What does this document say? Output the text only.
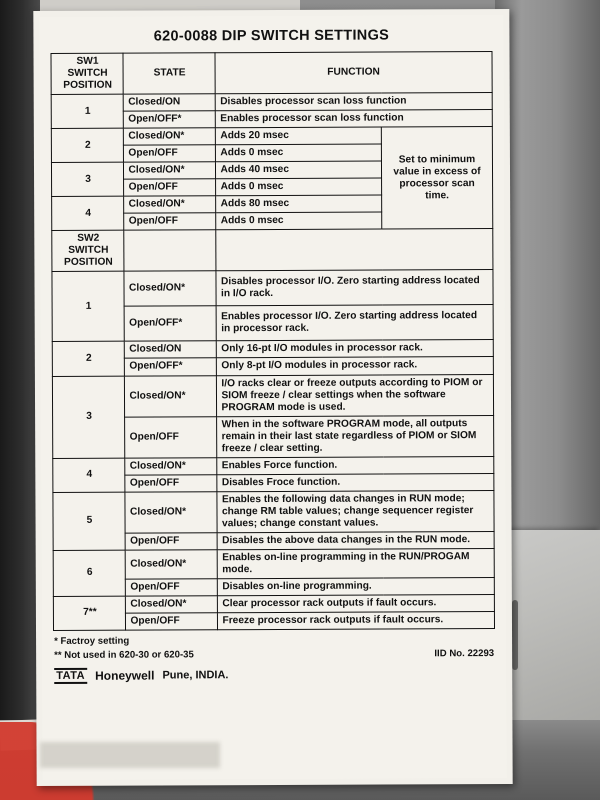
620-0088 DIP SWITCH SETTINGS
SW1
SWITCH
POSITION	STATE	FUNCTION	
1	Closed/ON	Disables processor scan loss function	
	Open/OFF*	Enables processor scan loss function	
2	Closed/ON*	Adds 20 msec	Set to minimum value in excess of processor scan time.
	Open/OFF	Adds 0 msec	
3	Closed/ON*	Adds 40 msec	
	Open/OFF	Adds 0 msec	
4	Closed/ON*	Adds 80 msec	
	Open/OFF	Adds 0 msec	
SW2
SWITCH
POSITION			
1	Closed/ON*	Disables processor I/O. Zero starting address located in I/O rack.	
	Open/OFF*	Enables processor I/O. Zero starting address located in processor rack.	
2	Closed/ON	Only 16-pt I/O modules in processor rack.	
	Open/OFF*	Only 8-pt I/O modules in processor rack.	
3	Closed/ON*	I/O racks clear or freeze outputs according to PIOM or SIOM freeze / clear settings when the software PROGRAM mode is used.	
	Open/OFF	When in the software PROGRAM mode, all outputs remain in their last state regardless of PIOM or SIOM freeze / clear setting.	
4	Closed/ON*	Enables Force function.	
	Open/OFF	Disables Froce function.	
5	Closed/ON*	Enables the following data changes in RUN mode; change RM table values; change sequencer register values; change constant values.	
	Open/OFF	Disables the above data changes in the RUN mode.	
6	Closed/ON*	Enables on-line programming in the RUN/PROGAM mode.	
	Open/OFF	Disables on-line programming.	
7**	Closed/ON*	Clear processor rack outputs if fault occurs.	
	Open/OFF	Freeze processor rack outputs if fault occurs.	
* Factroy setting
** Not used in 620-30 or 620-35	IID No. 22293
TATA Honeywell Pune, INDIA.
